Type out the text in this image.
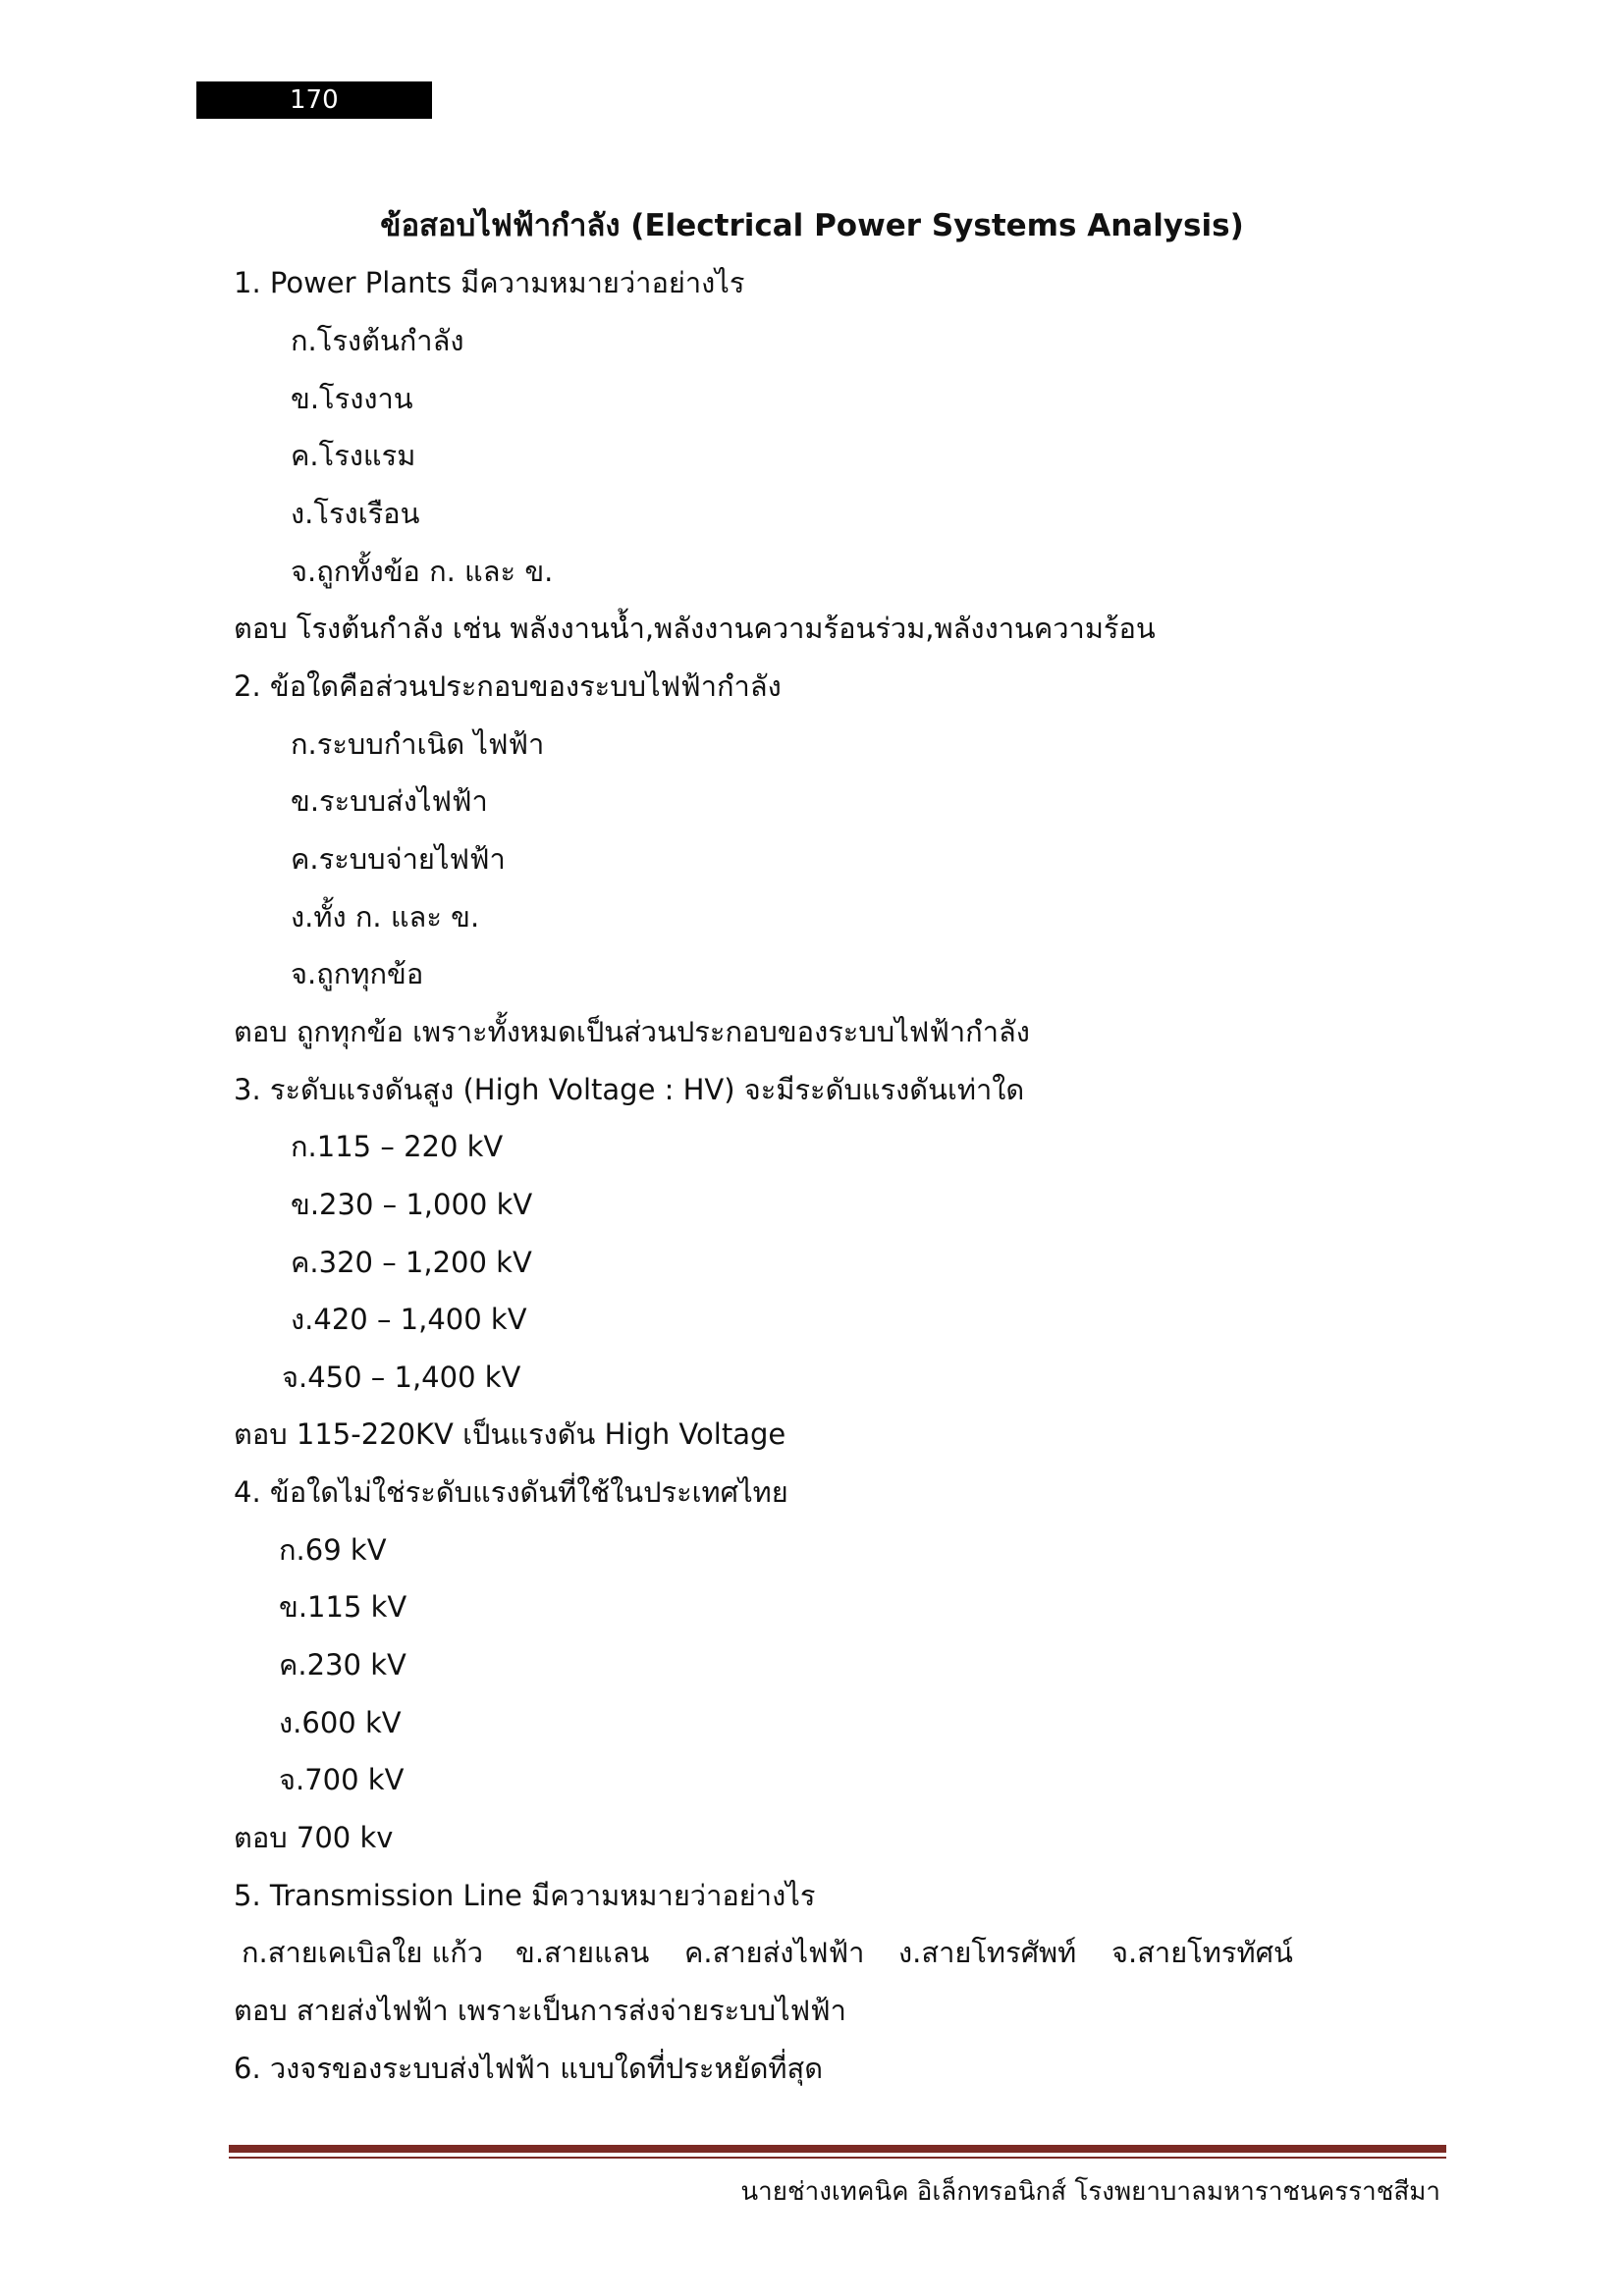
170
ข้อสอบไฟฟ้ากำลัง (Electrical Power Systems Analysis)
1. Power Plants มีความหมายว่าอย่างไร
ก.โรงต้นกำลัง
ข.โรงงาน
ค.โรงแรม
ง.โรงเรือน
จ.ถูกทั้งข้อ ก. และ ข.
ตอบ โรงต้นกำลัง เช่น พลังงานน้ำ,พลังงานความร้อนร่วม,พลังงานความร้อน
2. ข้อใดคือส่วนประกอบของระบบไฟฟ้ากำลัง
ก.ระบบกำเนิด ไฟฟ้า
ข.ระบบส่งไฟฟ้า
ค.ระบบจ่ายไฟฟ้า
ง.ทั้ง ก. และ ข.
จ.ถูกทุกข้อ
ตอบ ถูกทุกข้อ เพราะทั้งหมดเป็นส่วนประกอบของระบบไฟฟ้ากำลัง
3. ระดับแรงดันสูง (High Voltage : HV) จะมีระดับแรงดันเท่าใด
ก.115 – 220 kV
ข.230 – 1,000 kV
ค.320 – 1,200 kV
ง.420 – 1,400 kV
จ.450 – 1,400 kV
ตอบ 115-220KV เป็นแรงดัน High Voltage
4. ข้อใดไม่ใช่ระดับแรงดันที่ใช้ในประเทศไทย
ก.69 kV
ข.115 kV
ค.230 kV
ง.600 kV
จ.700 kV
ตอบ 700 kv
5. Transmission Line มีความหมายว่าอย่างไร
ก.สายเคเบิลใย แก้ว ข.สายแลน ค.สายส่งไฟฟ้า ง.สายโทรศัพท์ จ.สายโทรทัศน์
ตอบ สายส่งไฟฟ้า เพราะเป็นการส่งจ่ายระบบไฟฟ้า
6. วงจรของระบบส่งไฟฟ้า แบบใดที่ประหยัดที่สุด
นายช่างเทคนิค อิเล็กทรอนิกส์ โรงพยาบาลมหาราชนครราชสีมา
